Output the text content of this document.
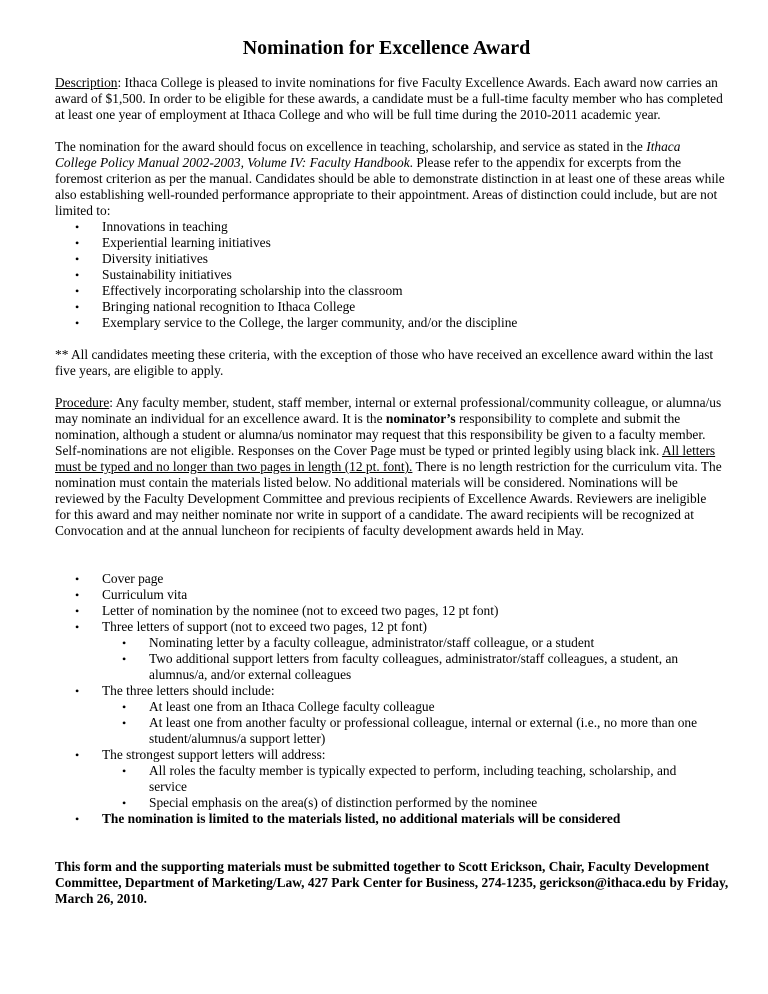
Nomination for Excellence Award

Description: Ithaca College is pleased to invite nominations for five Faculty Excellence Awards. Each award now carries an award of $1,500. In order to be eligible for these awards, a candidate must be a full-time faculty member who has completed at least one year of employment at Ithaca College and who will be full time during the 2010-2011 academic year.

The nomination for the award should focus on excellence in teaching, scholarship, and service as stated in the Ithaca College Policy Manual 2002-2003, Volume IV: Faculty Handbook. Please refer to the appendix for excerpts from the foremost criterion as per the manual. Candidates should be able to demonstrate distinction in at least one of these areas while also establishing well-rounded performance appropriate to their appointment. Areas of distinction could include, but are not limited to:

• Innovations in teaching
• Experiential learning initiatives
• Diversity initiatives
• Sustainability initiatives
• Effectively incorporating scholarship into the classroom
• Bringing national recognition to Ithaca College
• Exemplary service to the College, the larger community, and/or the discipline

** All candidates meeting these criteria, with the exception of those who have received an excellence award within the last five years, are eligible to apply.

Procedure: Any faculty member, student, staff member, internal or external professional/community colleague, or alumna/us may nominate an individual for an excellence award. It is the nominator’s responsibility to complete and submit the nomination, although a student or alumna/us nominator may request that this responsibility be given to a faculty member. Self-nominations are not eligible. Responses on the Cover Page must be typed or printed legibly using black ink. All letters must be typed and no longer than two pages in length (12 pt. font). There is no length restriction for the curriculum vita. The nomination must contain the materials listed below. No additional materials will be considered. Nominations will be reviewed by the Faculty Development Committee and previous recipients of Excellence Awards. Reviewers are ineligible for this award and may neither nominate nor write in support of a candidate. The award recipients will be recognized at Convocation and at the annual luncheon for recipients of faculty development awards held in May.

• Cover page
• Curriculum vita
• Letter of nomination by the nominee (not to exceed two pages, 12 pt font)
• Three letters of support (not to exceed two pages, 12 pt font)
• Nominating letter by a faculty colleague, administrator/staff colleague, or a student
• Two additional support letters from faculty colleagues, administrator/staff colleagues, a student, an alumnus/a, and/or external colleagues
• The three letters should include:
• At least one from an Ithaca College faculty colleague
• At least one from another faculty or professional colleague, internal or external (i.e., no more than one student/alumnus/a support letter)
• The strongest support letters will address:
• All roles the faculty member is typically expected to perform, including teaching, scholarship, and service
• Special emphasis on the area(s) of distinction performed by the nominee
• The nomination is limited to the materials listed, no additional materials will be considered

This form and the supporting materials must be submitted together to Scott Erickson, Chair, Faculty Development Committee, Department of Marketing/Law, 427 Park Center for Business, 274-1235, gerickson@ithaca.edu by Friday, March 26, 2010.
